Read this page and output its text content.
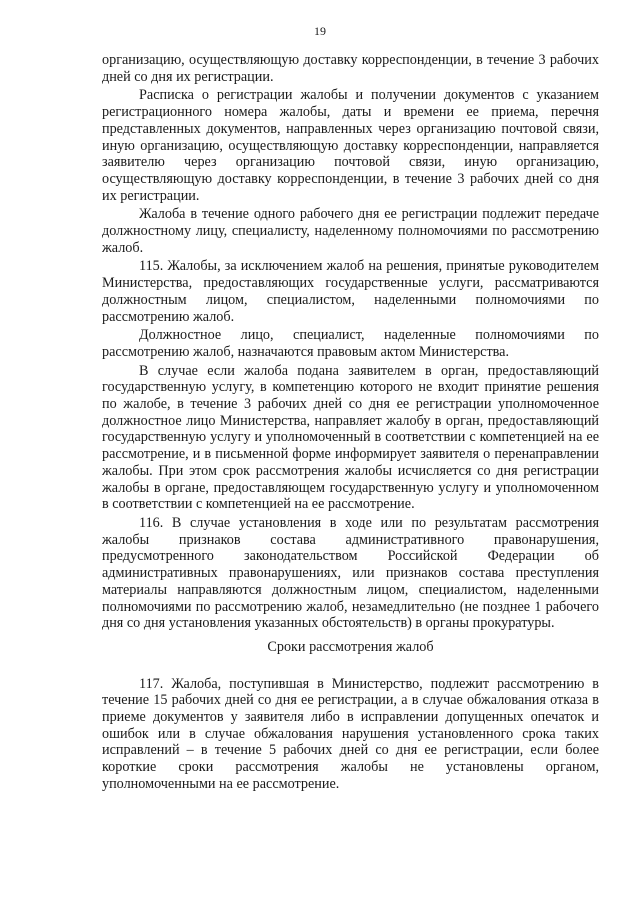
19

организацию, осуществляющую доставку корреспонденции, в течение 3 рабочих дней со дня их регистрации.

Расписка о регистрации жалобы и получении документов с указанием регистрационного номера жалобы, даты и времени ее приема, перечня представленных документов, направленных через организацию почтовой связи, иную организацию, осуществляющую доставку корреспонденции, направляется заявителю через организацию почтовой связи, иную организацию, осуществляющую доставку корреспонденции, в течение 3 рабочих дней со дня их регистрации.

Жалоба в течение одного рабочего дня ее регистрации подлежит передаче должностному лицу, специалисту, наделенному полномочиями по рассмотрению жалоб.

115. Жалобы, за исключением жалоб на решения, принятые руководителем Министерства, предоставляющих государственные услуги, рассматриваются должностным лицом, специалистом, наделенными полномочиями по рассмотрению жалоб.

Должностное лицо, специалист, наделенные полномочиями по рассмотрению жалоб, назначаются правовым актом Министерства.

В случае если жалоба подана заявителем в орган, предоставляющий государственную услугу, в компетенцию которого не входит принятие решения по жалобе, в течение 3 рабочих дней со дня ее регистрации уполномоченное должностное лицо Министерства, направляет жалобу в орган, предоставляющий государственную услугу и уполномоченный в соответствии с компетенцией на ее рассмотрение, и в письменной форме информирует заявителя о перенаправлении жалобы. При этом срок рассмотрения жалобы исчисляется со дня регистрации жалобы в органе, предоставляющем государственную услугу и уполномоченном в соответствии с компетенцией на ее рассмотрение.

116. В случае установления в ходе или по результатам рассмотрения жалобы признаков состава административного правонарушения, предусмотренного законодательством Российской Федерации об административных правонарушениях, или признаков состава преступления материалы направляются должностным лицом, специалистом, наделенными полномочиями по рассмотрению жалоб, незамедлительно (не позднее 1 рабочего дня со дня установления указанных обстоятельств) в органы прокуратуры.

Сроки рассмотрения жалоб

117. Жалоба, поступившая в Министерство, подлежит рассмотрению в течение 15 рабочих дней со дня ее регистрации, а в случае обжалования отказа в приеме документов у заявителя либо в исправлении допущенных опечаток и ошибок или в случае обжалования нарушения установленного срока таких исправлений – в течение 5 рабочих дней со дня ее регистрации, если более короткие сроки рассмотрения жалобы не установлены органом, уполномоченными на ее рассмотрение.
